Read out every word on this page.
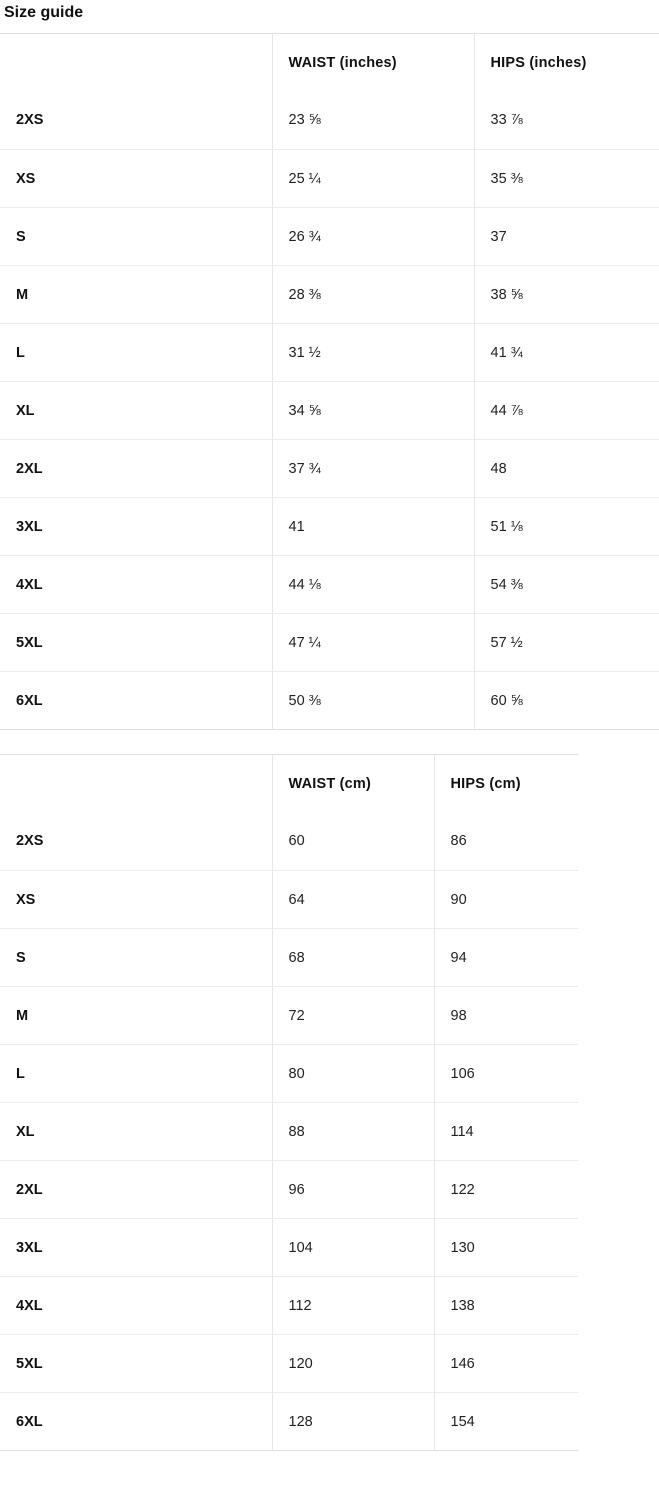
Size guide
	WAIST (inches)	HIPS (inches)
2XS	23 ⅝	33 ⅞
XS	25 ¼	35 ⅜
S	26 ¾	37
M	28 ⅜	38 ⅝
L	31 ½	41 ¾
XL	34 ⅝	44 ⅞
2XL	37 ¾	48
3XL	41	51 ⅛
4XL	44 ⅛	54 ⅜
5XL	47 ¼	57 ½
6XL	50 ⅜	60 ⅝
	WAIST (cm)	HIPS (cm)
2XS	60	86
XS	64	90
S	68	94
M	72	98
L	80	106
XL	88	114
2XL	96	122
3XL	104	130
4XL	112	138
5XL	120	146
6XL	128	154
